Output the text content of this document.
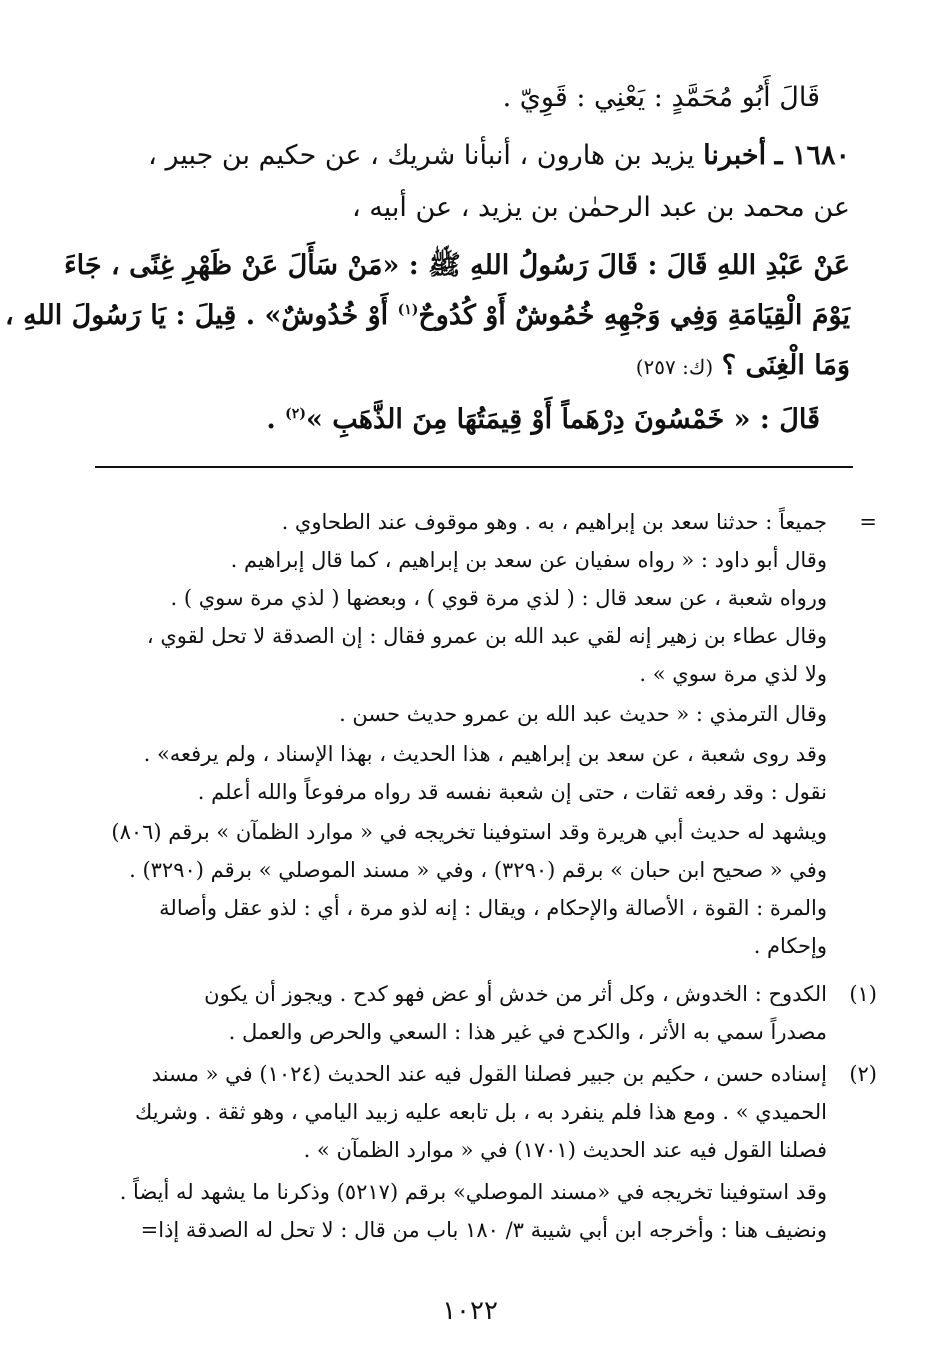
قَالَ أَبُو مُحَمَّدٍ : يَعْنِي : قَوِيّ .
١٦٨٠ ـ أخبرنا يزيد بن هارون ، أنبأنا شريك ، عن حكيم بن جبير ،
عن محمد بن عبد الرحمٰن بن يزيد ، عن أبيه ،
عَنْ عَبْدِ اللهِ قَالَ : قَالَ رَسُولُ اللهِ ﷺ : «مَنْ سَأَلَ عَنْ ظَهْرِ غِنًى ، جَاءَ
يَوْمَ الْقِيَامَةِ وَفِي وَجْهِهِ خُمُوشٌ أَوْ كُدُوحٌ$^{(١)}$ أَوْ خُدُوشٌ» . قِيلَ : يَا رَسُولَ اللهِ ،
وَمَا الْغِنَى ؟ (ك: ٢٥٧)
قَالَ : « خَمْسُونَ دِرْهَماً أَوْ قِيمَتُهَا مِنَ الذَّهَبِ »$^{(٢)}$ .
=
جميعاً : حدثنا سعد بن إبراهيم ، به . وهو موقوف عند الطحاوي .
وقال أبو داود : « رواه سفيان عن سعد بن إبراهيم ، كما قال إبراهيم .
ورواه شعبة ، عن سعد قال : ( لذي مرة قوي ) ، وبعضها ( لذي مرة سوي ) .
وقال عطاء بن زهير إنه لقي عبد الله بن عمرو فقال : إن الصدقة لا تحل لقوي ،
ولا لذي مرة سوي » .
وقال الترمذي : « حديث عبد الله بن عمرو حديث حسن .
وقد روى شعبة ، عن سعد بن إبراهيم ، هذا الحديث ، بهذا الإسناد ، ولم يرفعه» .
نقول : وقد رفعه ثقات ، حتى إن شعبة نفسه قد رواه مرفوعاً والله أعلم .
ويشهد له حديث أبي هريرة وقد استوفينا تخريجه في « موارد الظمآن » برقم (٨٠٦)
وفي « صحيح ابن حبان » برقم (٣٢٩٠) ، وفي « مسند الموصلي » برقم (٣٢٩٠) .
والمرة : القوة ، الأصالة والإحكام ، ويقال : إنه لذو مرة ، أي : لذو عقل وأصالة
وإحكام .
(١)
الكدوح : الخدوش ، وكل أثر من خدش أو عض فهو كدح . ويجوز أن يكون
مصدراً سمي به الأثر ، والكدح في غير هذا : السعي والحرص والعمل .
(٢)
إسناده حسن ، حكيم بن جبير فصلنا القول فيه عند الحديث (١٠٢٤) في « مسند
الحميدي » . ومع هذا فلم ينفرد به ، بل تابعه عليه زبيد اليامي ، وهو ثقة . وشريك
فصلنا القول فيه عند الحديث (١٧٠١) في « موارد الظمآن » .
وقد استوفينا تخريجه في «مسند الموصلي» برقم (٥٢١٧) وذكرنا ما يشهد له أيضاً .
ونضيف هنا : وأخرجه ابن أبي شيبة ٣/ ١٨٠ باب من قال : لا تحل له الصدقة إذا=
١٠٢٢
